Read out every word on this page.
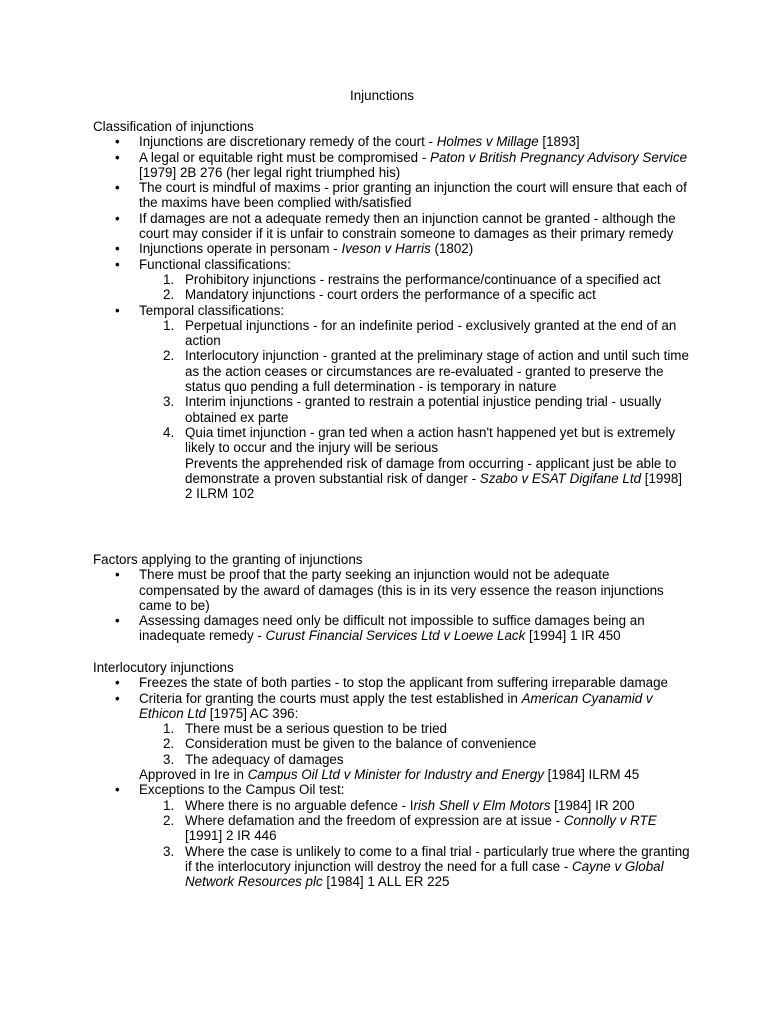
Injunctions
Classification of injunctions
• Injunctions are discretionary remedy of the court - Holmes v Millage [1893]
• A legal or equitable right must be compromised - Paton v British Pregnancy Advisory Service [1979] 2B 276 (her legal right triumphed his)
• The court is mindful of maxims - prior granting an injunction the court will ensure that each of the maxims have been complied with/satisfied
• If damages are not a adequate remedy then an injunction cannot be granted - although the court may consider if it is unfair to constrain someone to damages as their primary remedy
• Injunctions operate in personam - Iveson v Harris (1802)
• Functional classifications:
1. Prohibitory injunctions - restrains the performance/continuance of a specified act
2. Mandatory injunctions - court orders the performance of a specific act
• Temporal classifications:
1. Perpetual injunctions - for an indefinite period - exclusively granted at the end of an action
2. Interlocutory injunction - granted at the preliminary stage of action and until such time as the action ceases or circumstances are re-evaluated - granted to preserve the status quo pending a full determination - is temporary in nature
3. Interim injunctions - granted to restrain a potential injustice pending trial - usually obtained ex parte
4. Quia timet injunction - gran ted when a action hasn't happened yet but is extremely likely to occur and the injury will be serious
Prevents the apprehended risk of damage from occurring - applicant just be able to demonstrate a proven substantial risk of danger - Szabo v ESAT Digifane Ltd [1998] 2 ILRM 102
Factors applying to the granting of injunctions
• There must be proof that the party seeking an injunction would not be adequate compensated by the award of damages (this is in its very essence the reason injunctions came to be)
• Assessing damages need only be difficult not impossible to suffice damages being an inadequate remedy - Curust Financial Services Ltd v Loewe Lack [1994] 1 IR 450
Interlocutory injunctions
• Freezes the state of both parties - to stop the applicant from suffering irreparable damage
• Criteria for granting the courts must apply the test established in American Cyanamid v Ethicon Ltd [1975] AC 396:
1. There must be a serious question to be tried
2. Consideration must be given to the balance of convenience
3. The adequacy of damages
Approved in Ire in Campus Oil Ltd v Minister for Industry and Energy [1984] ILRM 45
• Exceptions to the Campus Oil test:
1. Where there is no arguable defence - Irish Shell v Elm Motors [1984] IR 200
2. Where defamation and the freedom of expression are at issue - Connolly v RTE [1991] 2 IR 446
3. Where the case is unlikely to come to a final trial - particularly true where the granting if the interlocutory injunction will destroy the need for a full case - Cayne v Global Network Resources plc [1984] 1 ALL ER 225
